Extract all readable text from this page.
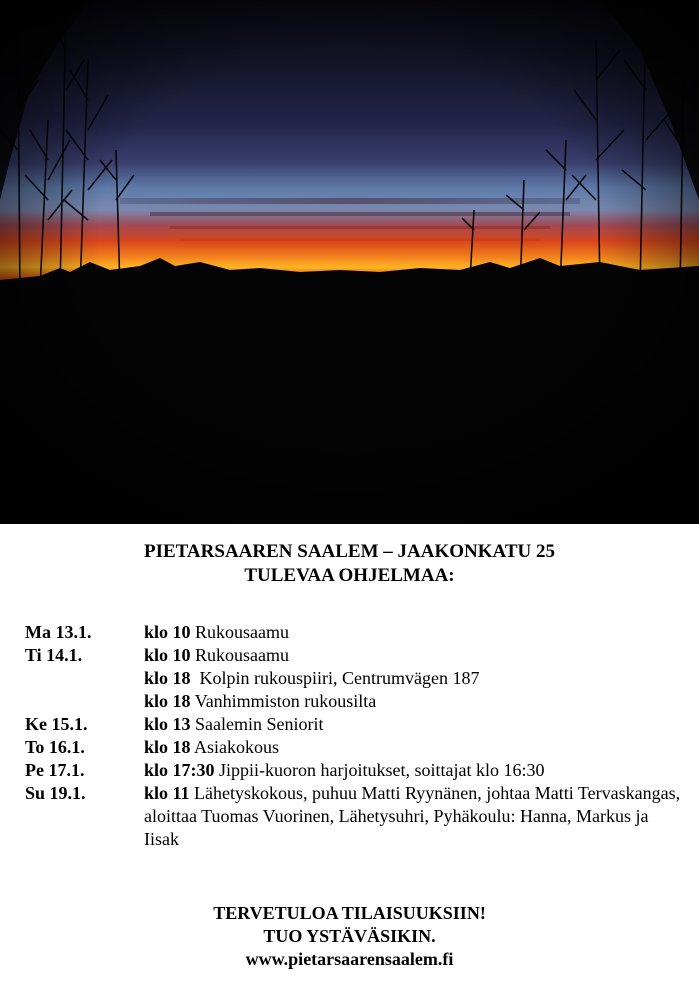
PIETARSAAREN SAALEM – JAAKONKATU 25
TULEVAA OHJELMAA:
Ma 13.1.	klo 10 Rukousaamu
Ti 14.1.	klo 10 Rukousaamu
klo 18  Kolpin rukouspiiri, Centrumvägen 187
klo 18 Vanhimmiston rukousilta
Ke 15.1.	klo 13 Saalemin Seniorit
To 16.1.	klo 18 Asiakokous
Pe 17.1.	klo 17:30 Jippii-kuoron harjoitukset, soittajat klo 16:30
Su 19.1.	klo 11 Lähetyskokous, puhuu Matti Ryynänen, johtaa Matti Tervaskangas, aloittaa Tuomas Vuorinen, Lähetysuhri, Pyhäkoulu: Hanna, Markus ja Iisak
TERVETULOA TILAISUUKSIIN!
TUO YSTÄVÄSIKIN.
www.pietarsaarensaalem.fi
